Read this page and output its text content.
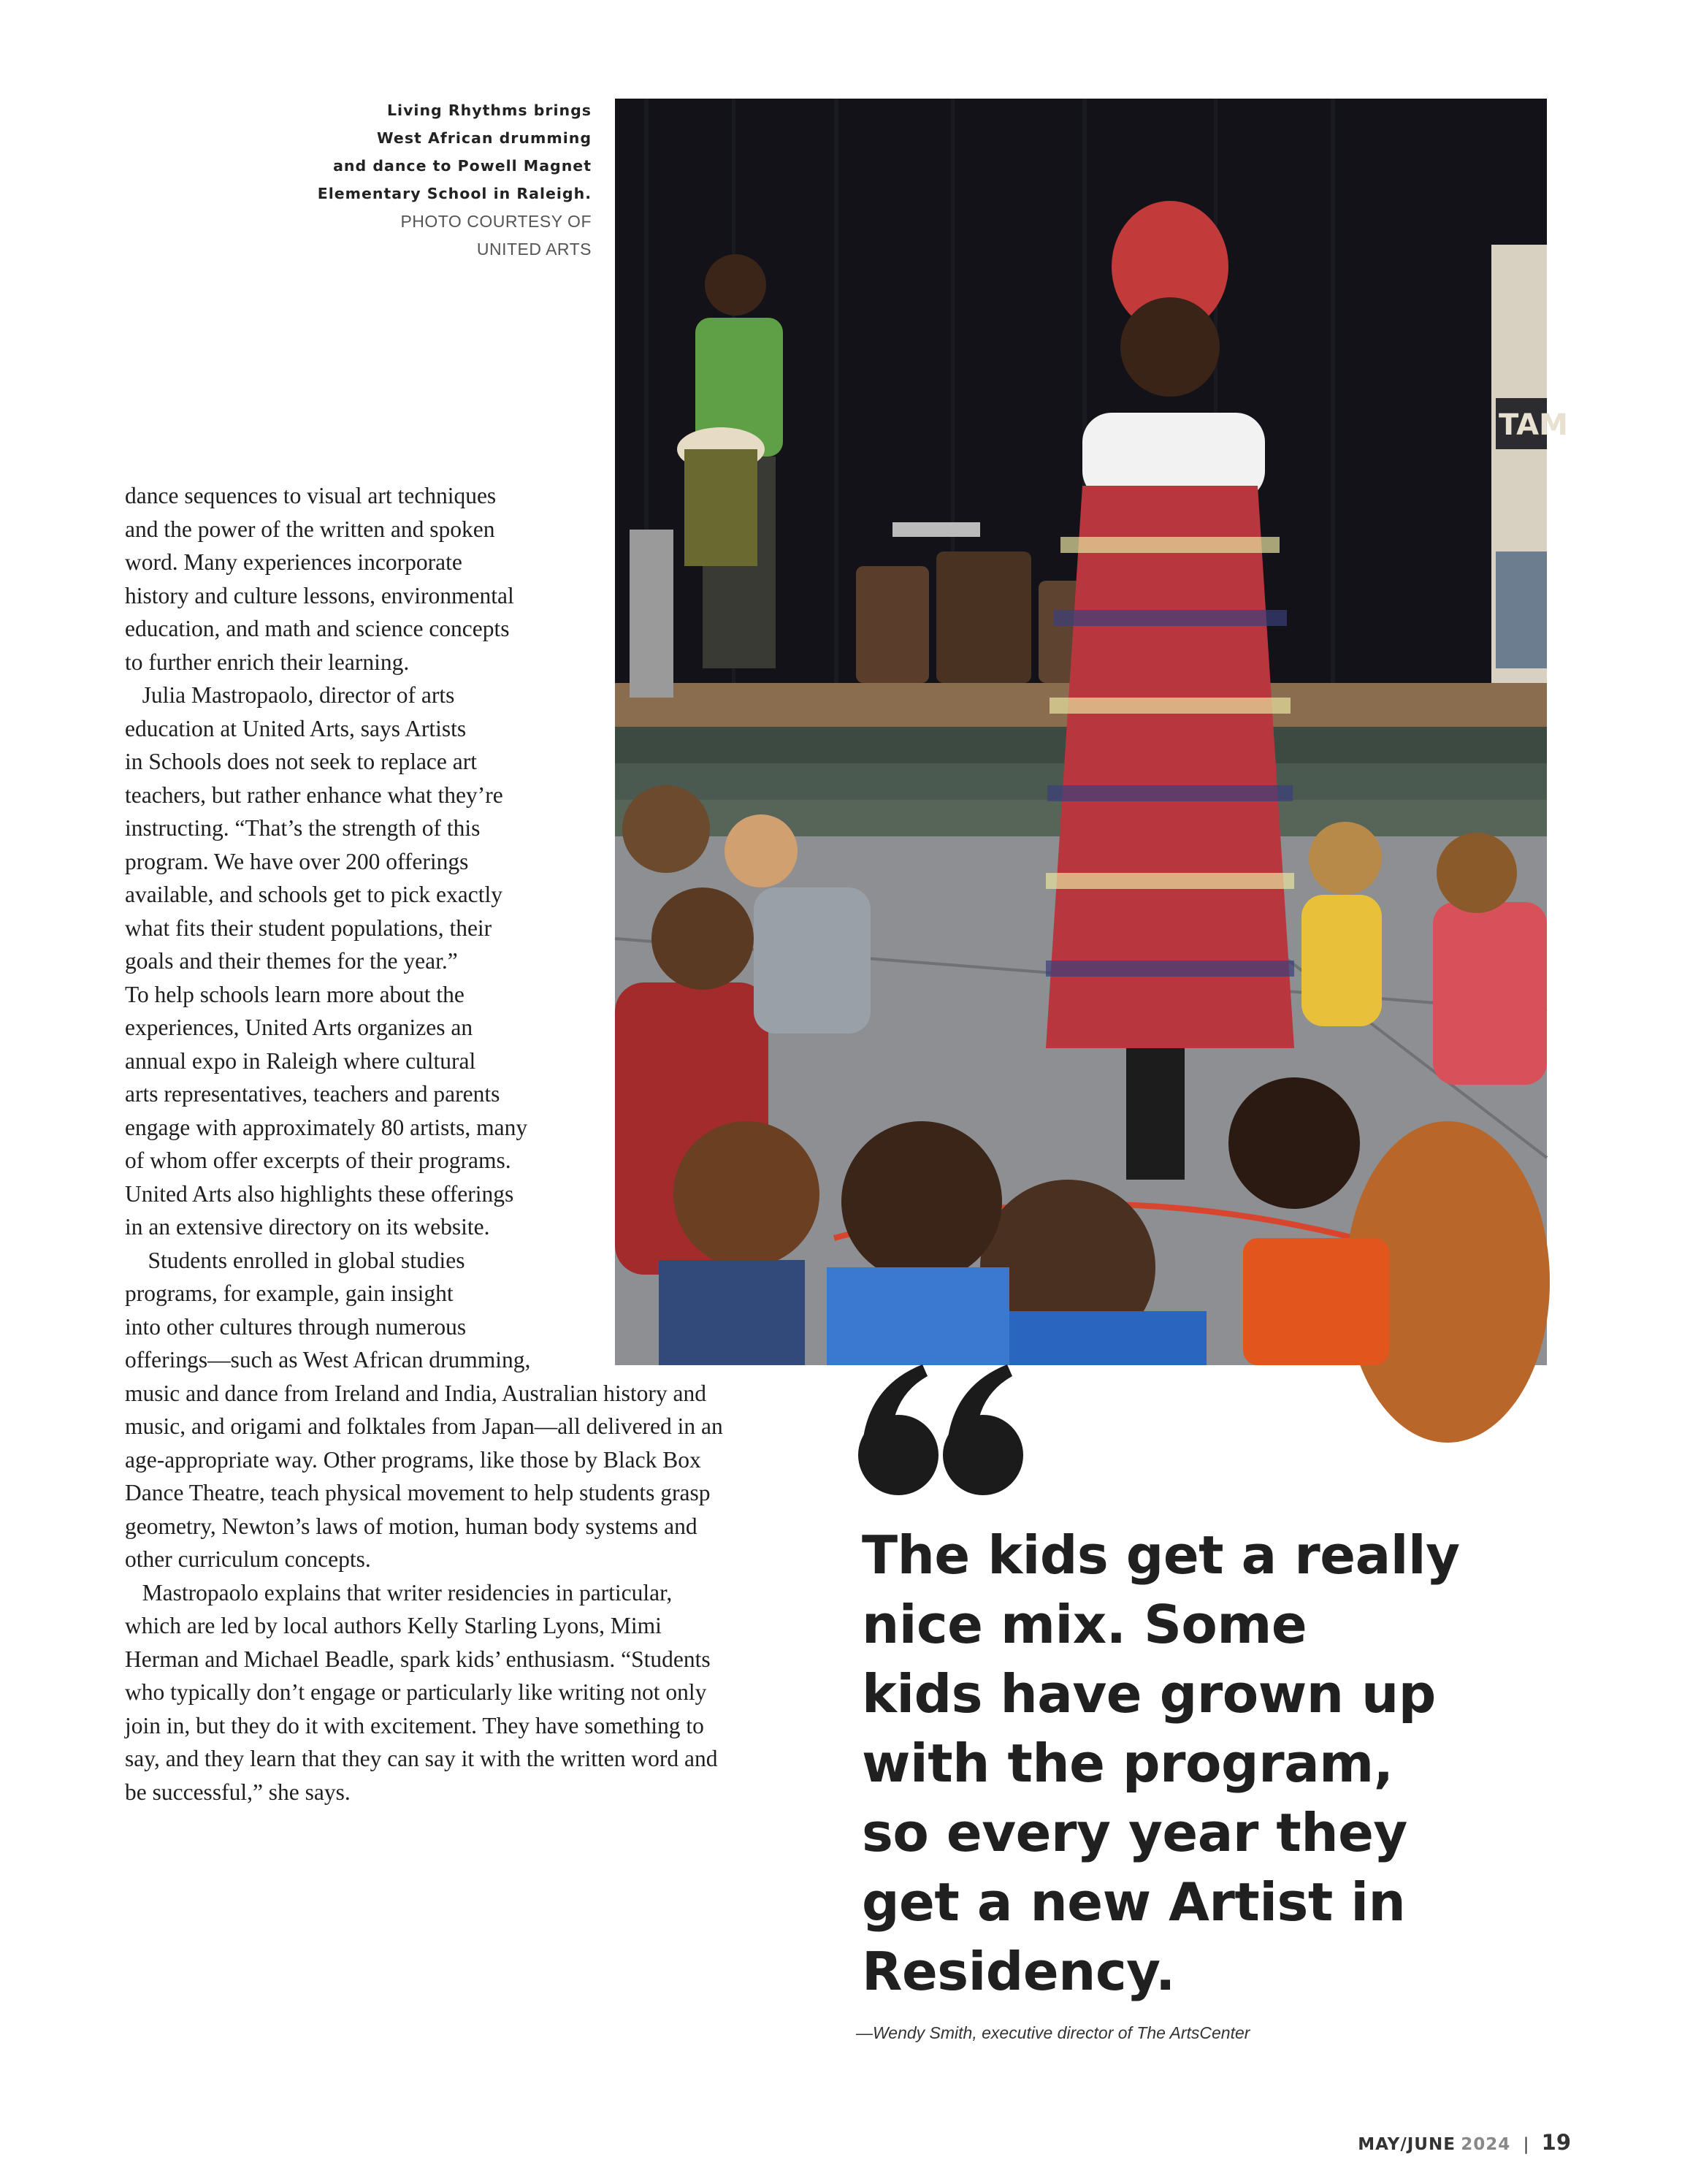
Living Rhythms brings
West African drumming
and dance to Powell Magnet
Elementary School in Raleigh.
PHOTO COURTESY OF
UNITED ARTS
TAM
dance sequences to visual art techniques
and the power of the written and spoken
word. Many experiences incorporate
history and culture lessons, environmental
education, and math and science concepts
to further enrich their learning.
Julia Mastropaolo, director of arts
education at United Arts, says Artists
in Schools does not seek to replace art
teachers, but rather enhance what they’re
instructing. “That’s the strength of this
program. We have over 200 offerings
available, and schools get to pick exactly
what fits their student populations, their
goals and their themes for the year.”
To help schools learn more about the
experiences, United Arts organizes an
annual expo in Raleigh where cultural
arts representatives, teachers and parents
engage with approximately 80 artists, many
of whom offer excerpts of their programs.
United Arts also highlights these offerings
in an extensive directory on its website.
Students enrolled in global studies
programs, for example, gain insight
into other cultures through numerous
offerings—such as West African drumming,
music and dance from Ireland and India, Australian history and
music, and origami and folktales from Japan—all delivered in an
age-appropriate way. Other programs, like those by Black Box
Dance Theatre, teach physical movement to help students grasp
geometry, Newton’s laws of motion, human body systems and
other curriculum concepts.
Mastropaolo explains that writer residencies in particular,
which are led by local authors Kelly Starling Lyons, Mimi
Herman and Michael Beadle, spark kids’ enthusiasm. “Students
who typically don’t engage or particularly like writing not only
join in, but they do it with excitement. They have something to
say, and they learn that they can say it with the written word and
be successful,” she says.
The kids get a really
nice mix. Some
kids have grown up
with the program,
so every year they
get a new Artist in
Residency.
—Wendy Smith, executive director of The ArtsCenter
MAY/JUNE 2024 | 19
